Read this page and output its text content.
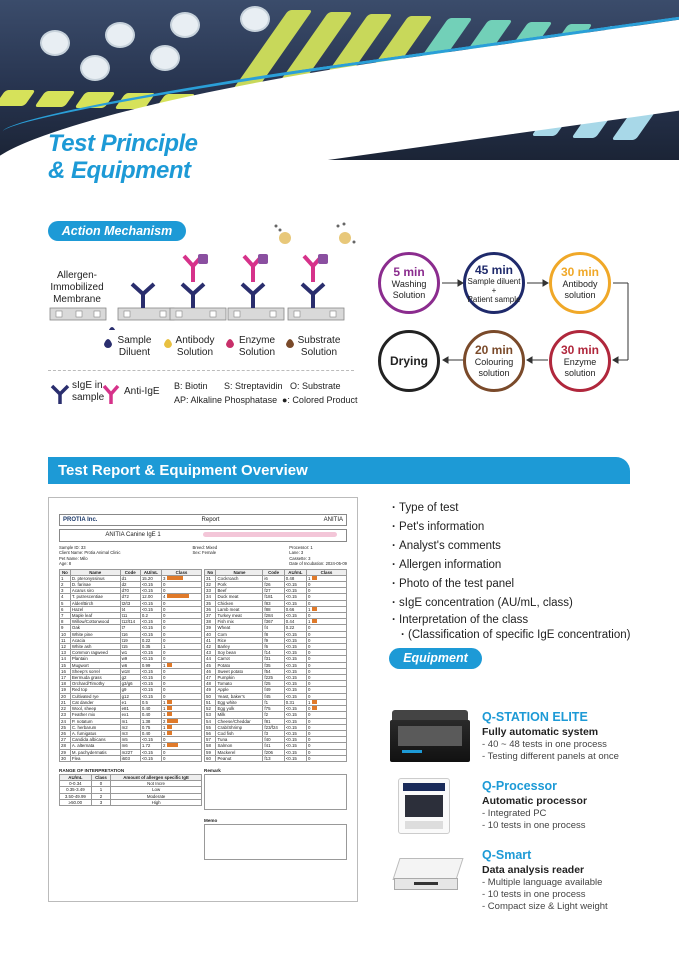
Test Principle
& Equipment
Action Mechanism
Allergen-
Immobilized
Membrane
Sample
Diluent
Antibody
Solution
Enzyme
Solution
Substrate
Solution
sIgE in
sample
Anti-IgE B: Biotin S: Streptavidin O: Substrate
AP: Alkaline Phosphatase ●: Colored Product
5 min
Washing
Solution
45 min
Sample diluent
+
Patient sample
30 min
Antibody
solution
30 min
Enzyme
solution
20 min
Colouring
solution
Drying
Test Report & Equipment Overview
PROTIA Inc.	Report	ANITIA
ANITIA Canine IgE 1
Sample ID: 33
Client Name: Protia Animal Clinic
Pet Name: Milo
Age: 8
Breed: Mixed
Sex: Female
Processor: 1
Lane: 3
Cassette: 3
Date of Incubation: 2024-05-09
No	Name	Code	AU/mL	Class
1	D. pteronyssinus	d1	15.20	3
2	D. farinae	d2	<0.15	0
3	Acarus siro	d70	<0.15	0
4	T. putrescentiae	d72	12.00	4
5	Alder/Birch	t2/t3	<0.15	0
6	Hazel	t4	<0.15	0
7	Maple leaf	t11	0.2	0
8	Willow/Cottonwood	t12/t14	<0.15	0
9	Oak	t7	<0.15	0
10	White pine	t16	<0.15	0
11	Acacia	t19	0.22	0
12	White ash	t15	0.35	1
13	Common ragweed	w1	<0.15	0
14	Plantain	w9	<0.15	0
15	Mugwort	w6	0.99	1
16	Sheep's sorrel	w18	<0.15	0
17	Bermuda grass	g2	<0.15	0
18	Orchard/Timothy	g3/g6	<0.15	0
19	Red top	g9	<0.15	0
20	Cultivated rye	g12	<0.15	0
21	Cat dander	e1	0.5	1
22	Wool, sheep	e81	0.40	1
23	Feather mix	ex1	0.40	1
24	P. notatum	m1	1.38	2
25	C. herbarum	m2	0.75	1
26	A. fumigatus	m3	0.40	1
27	Candida albicans	m5	<0.15	0
28	A. alternata	m6	1.72	2
29	M. pachydermatis	m227	<0.15	0
30	Flea	i603	<0.15	0
No	Name	Code	AU/mL	Class
31	Cockroach	i6	0.48	1
32	Pork	f26	<0.15	0
33	Beef	f27	<0.15	0
34	Duck meat	f181	<0.15	0
35	Chicken	f83	<0.15	0
36	Lamb meat	f88	0.66	1
37	Turkey meat	f284	<0.15	0
38	Fish mix	f367	0.44	1
39	Wheat	f4	0.22	0
40	Corn	f8	<0.15	0
41	Rice	f9	<0.15	0
42	Barley	f6	<0.15	0
43	Soy bean	f14	<0.15	0
44	Carrot	f31	<0.15	0
45	Potato	f35	<0.15	0
46	Sweet potato	f54	<0.15	0
47	Pumpkin	f225	<0.15	0
48	Tomato	f25	<0.15	0
49	Apple	f49	<0.15	0
50	Yeast, baker's	f45	<0.15	0
51	Egg white	f1	0.31	1
52	Egg yolk	f75	<0.15	0
53	Milk	f2	<0.15	0
54	Cheese/Cheddar	f81	<0.15	0
55	Crab/Shrimp	f23/f24	<0.15	0
56	Cod fish	f3	<0.15	0
57	Tuna	f40	<0.15	0
58	Salmon	f41	<0.15	0
59	Mackerel	f206	<0.15	0
60	Peanut	f13	<0.15	0
RANGE OF INTERPRETATION
AU/mL	Class	Amount of allergen specific IgE
0-0.34	0	Not Incre
0.35-3.49	1	Low
3.50-49.99	2	Moderate
≥50.00	3	High
Remark
Memo
· Type of test
· Pet's information
· Analyst's comments
· Allergen information
· Photo of the test panel
· sIgE concentration (AU/mL, class)
· Interpretation of the class
· (Classification of specific IgE concentration)
Equipment
Q-STATION ELITE
Fully automatic system
- 40 ~ 48 tests in one process
- Testing different panels at once
Q-Processor
Automatic processor
- Integrated PC
- 10 tests in one process
Q-Smart
Data analysis reader
- Multiple language available
- 10 tests in one process
- Compact size & Light weight
